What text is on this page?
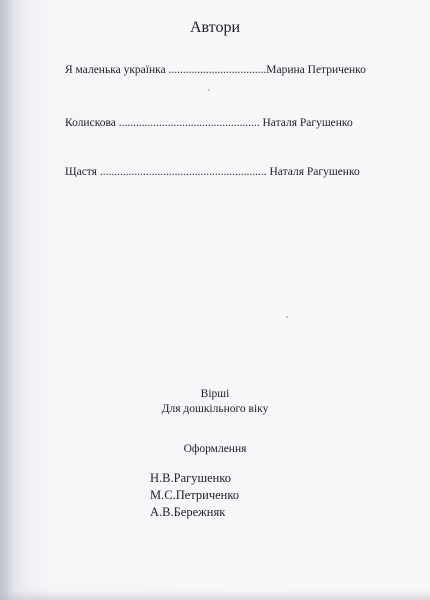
Автори
Я маленька українка ..................................Марина Петриченко
Колискова ................................................. Наталя Рагушенко
Щастя .......................................................... Наталя Рагушенко
Вірші
Для дошкільного віку
Оформлення
Н.В.Рагушенко
М.С.Петриченко
А.В.Бережняк
